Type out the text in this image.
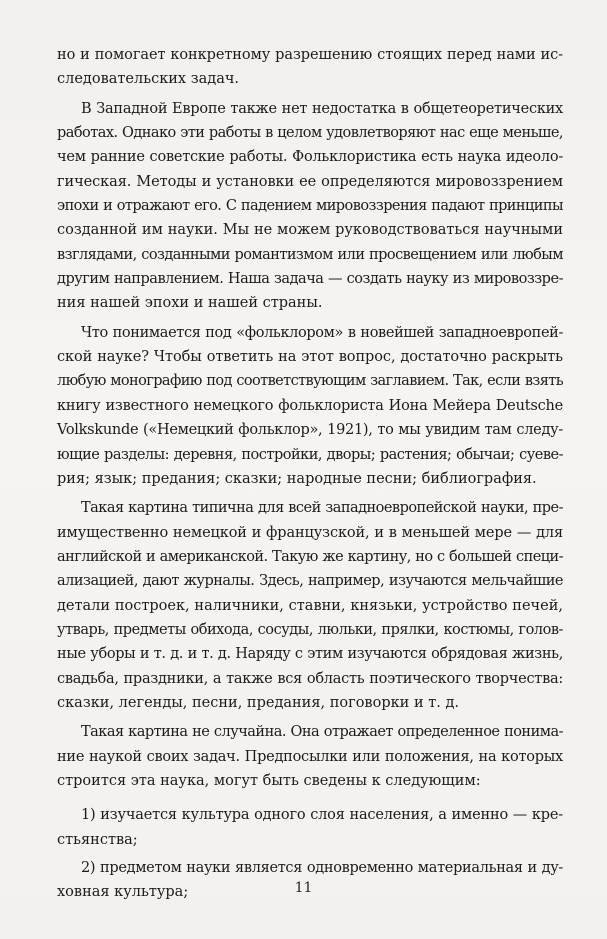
но и помогает конкретному разрешению стоящих перед нами ис-
следовательских задач.
В Западной Европе также нет недостатка в общетеоретических
работах. Однако эти работы в целом удовлетворяют нас еще меньше,
чем ранние советские работы. Фольклористика есть наука идеоло-
гическая. Методы и установки ее определяются мировоззрением
эпохи и отражают его. С падением мировоззрения падают принципы
созданной им науки. Мы не можем руководствоваться научными
взглядами, созданными романтизмом или просвещением или любым
другим направлением. Наша задача — создать науку из мировоззре-
ния нашей эпохи и нашей страны.
Что понимается под «фольклором» в новейшей западноевропей-
ской науке? Чтобы ответить на этот вопрос, достаточно раскрыть
любую монографию под соответствующим заглавием. Так, если взять
книгу известного немецкого фольклориста Иона Мейера Deutsche
Volkskunde («Немецкий фольклор», 1921), то мы увидим там следу-
ющие разделы: деревня, постройки, дворы; растения; обычаи; суеве-
рия; язык; предания; сказки; народные песни; библиография.
Такая картина типична для всей западноевропейской науки, пре-
имущественно немецкой и французской, и в меньшей мере — для
английской и американской. Такую же картину, но с большей специ-
ализацией, дают журналы. Здесь, например, изучаются мельчайшие
детали построек, наличники, ставни, князьки, устройство печей,
утварь, предметы обихода, сосуды, люльки, прялки, костюмы, голов-
ные уборы и т. д. и т. д. Наряду с этим изучаются обрядовая жизнь,
свадьба, праздники, а также вся область поэтического творчества:
сказки, легенды, песни, предания, поговорки и т. д.
Такая картина не случайна. Она отражает определенное понима-
ние наукой своих задач. Предпосылки или положения, на которых
строится эта наука, могут быть сведены к следующим:
1) изучается культура одного слоя населения, а именно — кре-
стьянства;
2) предметом науки является одновременно материальная и ду-
ховная культура;	11
